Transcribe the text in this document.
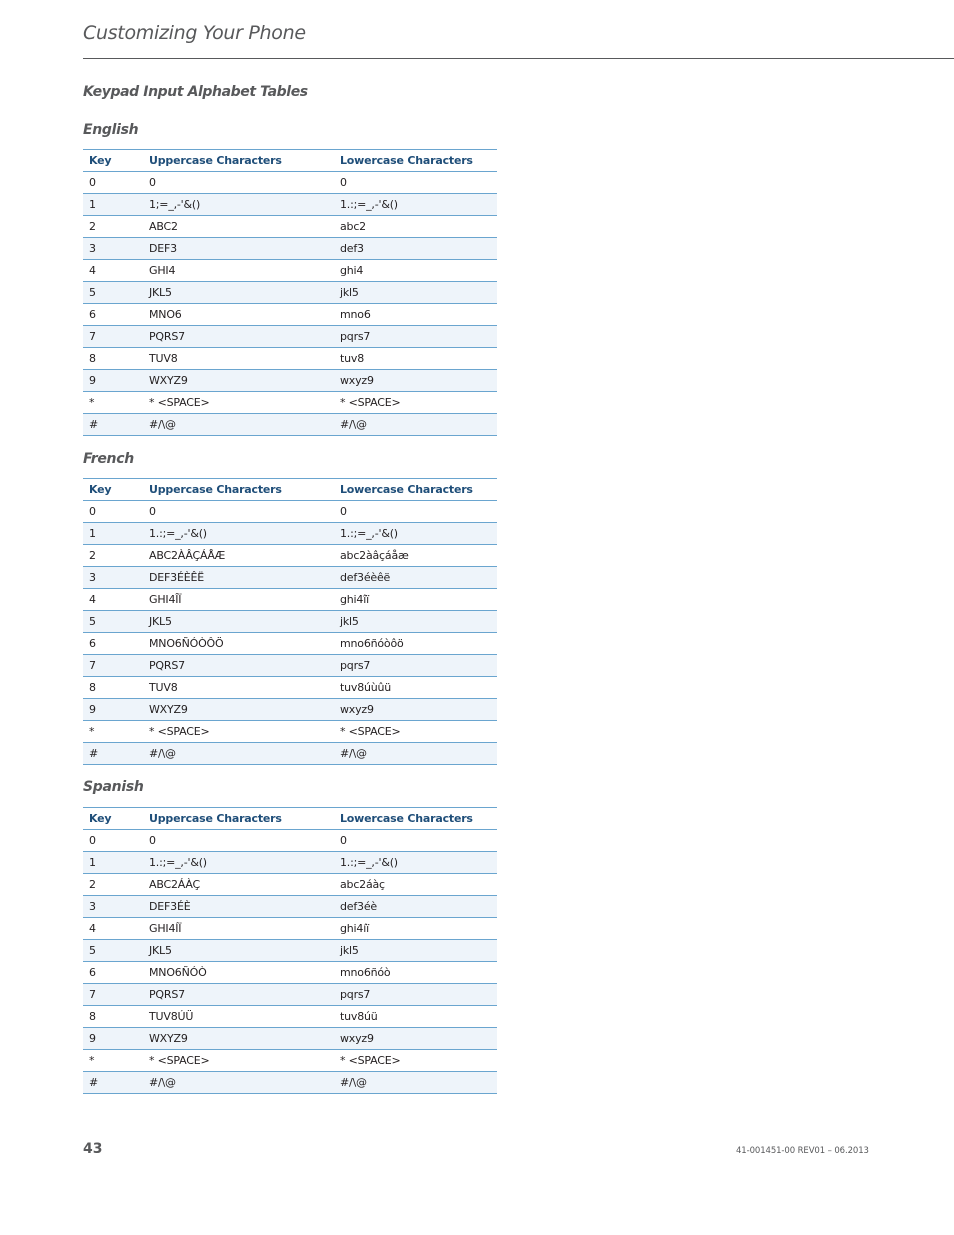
Customizing Your Phone
Keypad Input Alphabet Tables
English
Key	Uppercase Characters	Lowercase Characters
0	0	0
1	1;=_,-'&()	1.:;=_,-'&()
2	ABC2	abc2
3	DEF3	def3
4	GHI4	ghi4
5	JKL5	jkl5
6	MNO6	mno6
7	PQRS7	pqrs7
8	TUV8	tuv8
9	WXYZ9	wxyz9
*	* <SPACE>	* <SPACE>
#	#/\@	#/\@
French
Key	Uppercase Characters	Lowercase Characters
0	0	0
1	1.:;=_,-'&()	1.:;=_,-'&()
2	ABC2ÀÂÇÁÅÆ	abc2àâçáåæ
3	DEF3ÉÈÊË	def3éèêë
4	GHI4ÎÏ	ghi4îï
5	JKL5	jkl5
6	MNO6ÑÓÒÔÖ	mno6ñóòôö
7	PQRS7	pqrs7
8	TUV8	tuv8úùûü
9	WXYZ9	wxyz9
*	* <SPACE>	* <SPACE>
#	#/\@	#/\@
Spanish
Key	Uppercase Characters	Lowercase Characters
0	0	0
1	1.:;=_,-'&()	1.:;=_,-'&()
2	ABC2ÁÀÇ	abc2áàç
3	DEF3ÉÈ	def3éè
4	GHI4ÍÏ	ghi4íï
5	JKL5	jkl5
6	MNO6ÑÓÒ	mno6ñóò
7	PQRS7	pqrs7
8	TUV8ÚÜ	tuv8úü
9	WXYZ9	wxyz9
*	* <SPACE>	* <SPACE>
#	#/\@	#/\@
43	41-001451-00 REV01 – 06.2013
